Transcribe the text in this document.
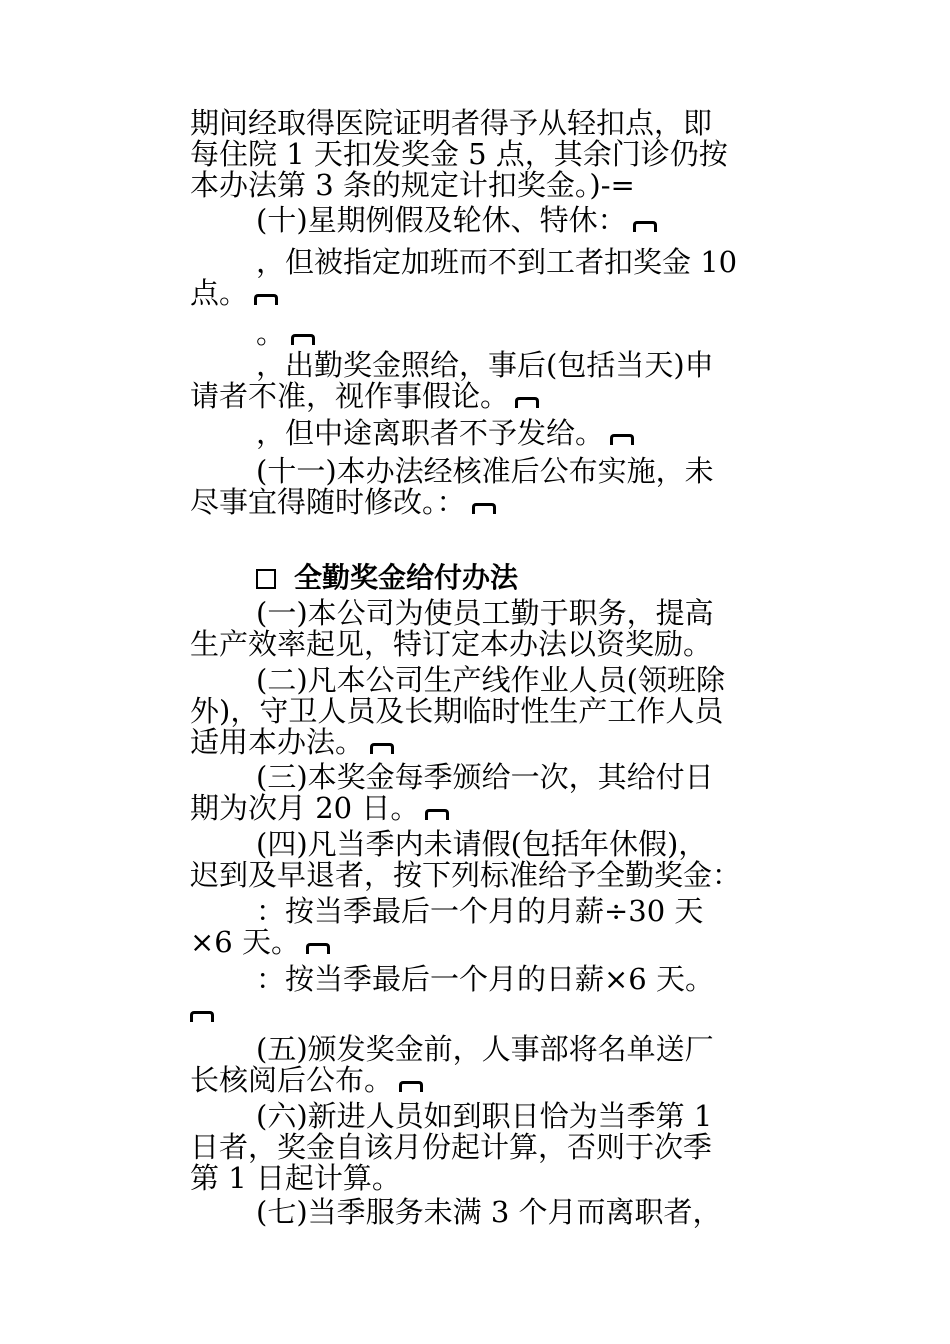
期间经取得医院证明者得予从轻扣点，即
每住院 1 天扣发奖金 5 点，其余门诊仍按
本办法第 3 条的规定计扣奖金。)-=
(十)星期例假及轮休、特休：
，但被指定加班而不到工者扣奖金 10
点。
。
，出勤奖金照给，事后(包括当天)申
请者不准，视作事假论。
，但中途离职者不予发给。
(十一)本办法经核准后公布实施，未
尽事宜得随时修改。：
全勤奖金给付办法
(一)本公司为使员工勤于职务，提高
生产效率起见，特订定本办法以资奖励。
(二)凡本公司生产线作业人员(领班除
外)，守卫人员及长期临时性生产工作人员
适用本办法。
(三)本奖金每季颁给一次，其给付日
期为次月 20 日。
(四)凡当季内未请假(包括年休假)，
迟到及早退者，按下列标准给予全勤奖金：
：按当季最后一个月的月薪÷30 天
×6 天。
：按当季最后一个月的日薪×6 天。
(五)颁发奖金前，人事部将名单送厂
长核阅后公布。
(六)新进人员如到职日恰为当季第 1
日者，奖金自该月份起计算，否则于次季
第 1 日起计算。
(七)当季服务未满 3 个月而离职者，
